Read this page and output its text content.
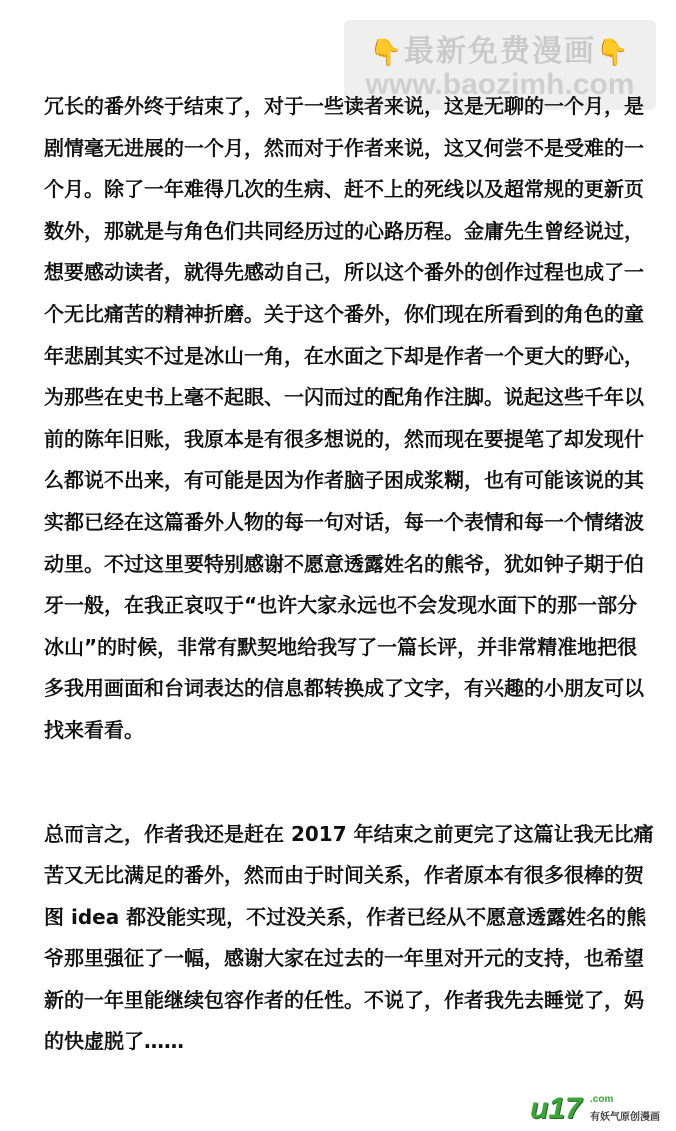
👇最新免费漫画👇
www.baozimh.com

冗长的番外终于结束了，对于一些读者来说，这是无聊的一个月，是

剧情毫无进展的一个月，然而对于作者来说，这又何尝不是受难的一

个月。除了一年难得几次的生病、赶不上的死线以及超常规的更新页

数外，那就是与角色们共同经历过的心路历程。金庸先生曾经说过，

想要感动读者，就得先感动自己，所以这个番外的创作过程也成了一

个无比痛苦的精神折磨。关于这个番外，你们现在所看到的角色的童

年悲剧其实不过是冰山一角，在水面之下却是作者一个更大的野心，

为那些在史书上毫不起眼、一闪而过的配角作注脚。说起这些千年以

前的陈年旧账，我原本是有很多想说的，然而现在要提笔了却发现什

么都说不出来，有可能是因为作者脑子困成浆糊，也有可能该说的其

实都已经在这篇番外人物的每一句对话，每一个表情和每一个情绪波

动里。不过这里要特别感谢不愿意透露姓名的熊爷，犹如钟子期于伯

牙一般，在我正哀叹于“也许大家永远也不会发现水面下的那一部分

冰山”的时候，非常有默契地给我写了一篇长评，并非常精准地把很

多我用画面和台词表达的信息都转换成了文字，有兴趣的小朋友可以

找来看看。

总而言之，作者我还是赶在 2017 年结束之前更完了这篇让我无比痛

苦又无比满足的番外，然而由于时间关系，作者原本有很多很棒的贺

图 idea 都没能实现，不过没关系，作者已经从不愿意透露姓名的熊

爷那里强征了一幅，感谢大家在过去的一年里对开元的支持，也希望

新的一年里能继续包容作者的任性。不说了，作者我先去睡觉了，妈

的快虚脱了……

u17 .com
有妖气原创漫画
